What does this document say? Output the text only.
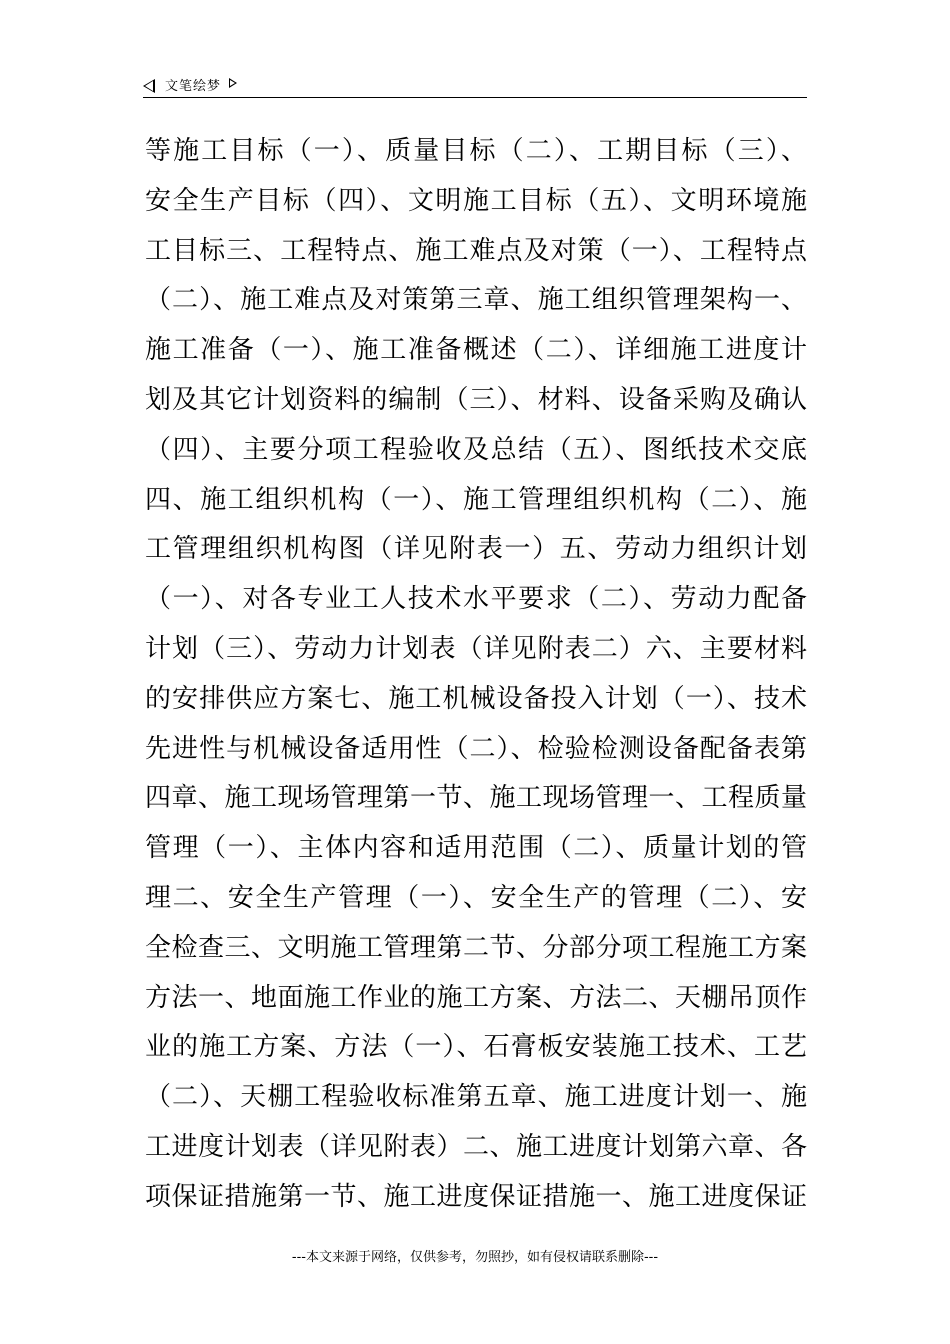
文笔绘梦
等施工目标（一）、质量目标（二）、工期目标（三）、
安全生产目标（四）、文明施工目标（五）、文明环境施
工目标三、工程特点、施工难点及对策（一）、工程特点
（二）、施工难点及对策第三章、施工组织管理架构一、
施工准备（一）、施工准备概述（二）、详细施工进度计
划及其它计划资料的编制（三）、材料、设备采购及确认
（四）、主要分项工程验收及总结（五）、图纸技术交底
四、施工组织机构（一）、施工管理组织机构（二）、施
工管理组织机构图（详见附表一）五、劳动力组织计划
（一）、对各专业工人技术水平要求（二）、劳动力配备
计划（三）、劳动力计划表（详见附表二）六、主要材料
的安排供应方案七、施工机械设备投入计划（一）、技术
先进性与机械设备适用性（二）、检验检测设备配备表第
四章、施工现场管理第一节、施工现场管理一、工程质量
管理（一）、主体内容和适用范围（二）、质量计划的管
理二、安全生产管理（一）、安全生产的管理（二）、安
全检查三、文明施工管理第二节、分部分项工程施工方案
方法一、地面施工作业的施工方案、方法二、天棚吊顶作
业的施工方案、方法（一）、石膏板安装施工技术、工艺
（二）、天棚工程验收标准第五章、施工进度计划一、施
工进度计划表（详见附表）二、施工进度计划第六章、各
项保证措施第一节、施工进度保证措施一、施工进度保证
---本文来源于网络，仅供参考，勿照抄，如有侵权请联系删除---
